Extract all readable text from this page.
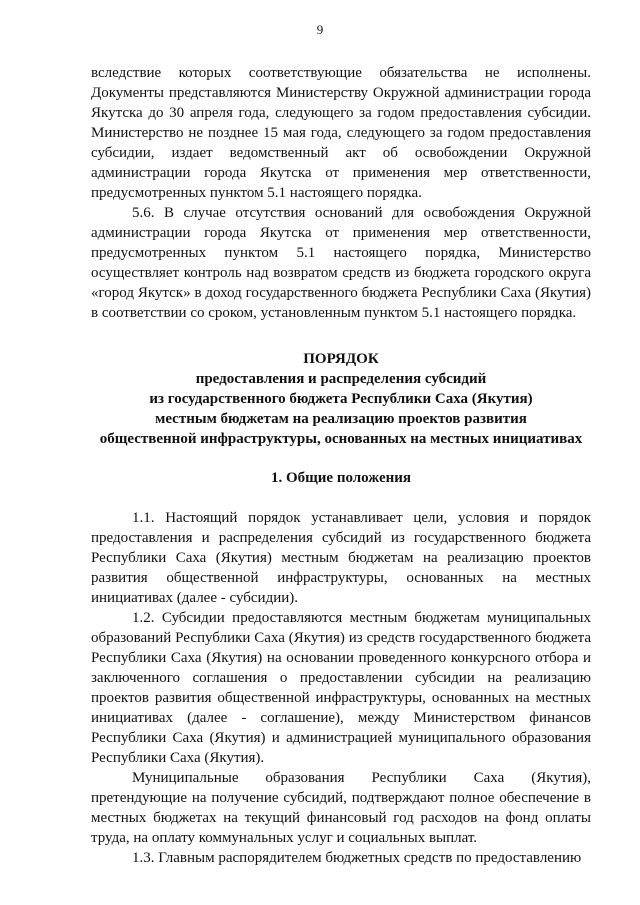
9

вследствие которых соответствующие обязательства не исполнены. Документы представляются Министерству Окружной администрации города Якутска до 30 апреля года, следующего за годом предоставления субсидии. Министерство не позднее 15 мая года, следующего за годом предоставления субсидии, издает ведомственный акт об освобождении Окружной администрации города Якутска от применения мер ответственности, предусмотренных пунктом 5.1 настоящего порядка.

5.6. В случае отсутствия оснований для освобождения Окружной администрации города Якутска от применения мер ответственности, предусмотренных пунктом 5.1 настоящего порядка, Министерство осуществляет контроль над возвратом средств из бюджета городского округа «город Якутск» в доход государственного бюджета Республики Саха (Якутия) в соответствии со сроком, установленным пунктом 5.1 настоящего порядка.

ПОРЯДОК
предоставления и распределения субсидий
из государственного бюджета Республики Саха (Якутия)
местным бюджетам на реализацию проектов развития
общественной инфраструктуры, основанных на местных инициативах
1. Общие положения

1.1. Настоящий порядок устанавливает цели, условия и порядок предоставления и распределения субсидий из государственного бюджета Республики Саха (Якутия) местным бюджетам на реализацию проектов развития общественной инфраструктуры, основанных на местных инициативах (далее - субсидии).

1.2. Субсидии предоставляются местным бюджетам муниципальных образований Республики Саха (Якутия) из средств государственного бюджета Республики Саха (Якутия) на основании проведенного конкурсного отбора и заключенного соглашения о предоставлении субсидии на реализацию проектов развития общественной инфраструктуры, основанных на местных инициативах (далее - соглашение), между Министерством финансов Республики Саха (Якутия) и администрацией муниципального образования Республики Саха (Якутия).

Муниципальные образования Республики Саха (Якутия), претендующие на получение субсидий, подтверждают полное обеспечение в местных бюджетах на текущий финансовый год расходов на фонд оплаты труда, на оплату коммунальных услуг и социальных выплат.

1.3. Главным распорядителем бюджетных средств по предоставлению
